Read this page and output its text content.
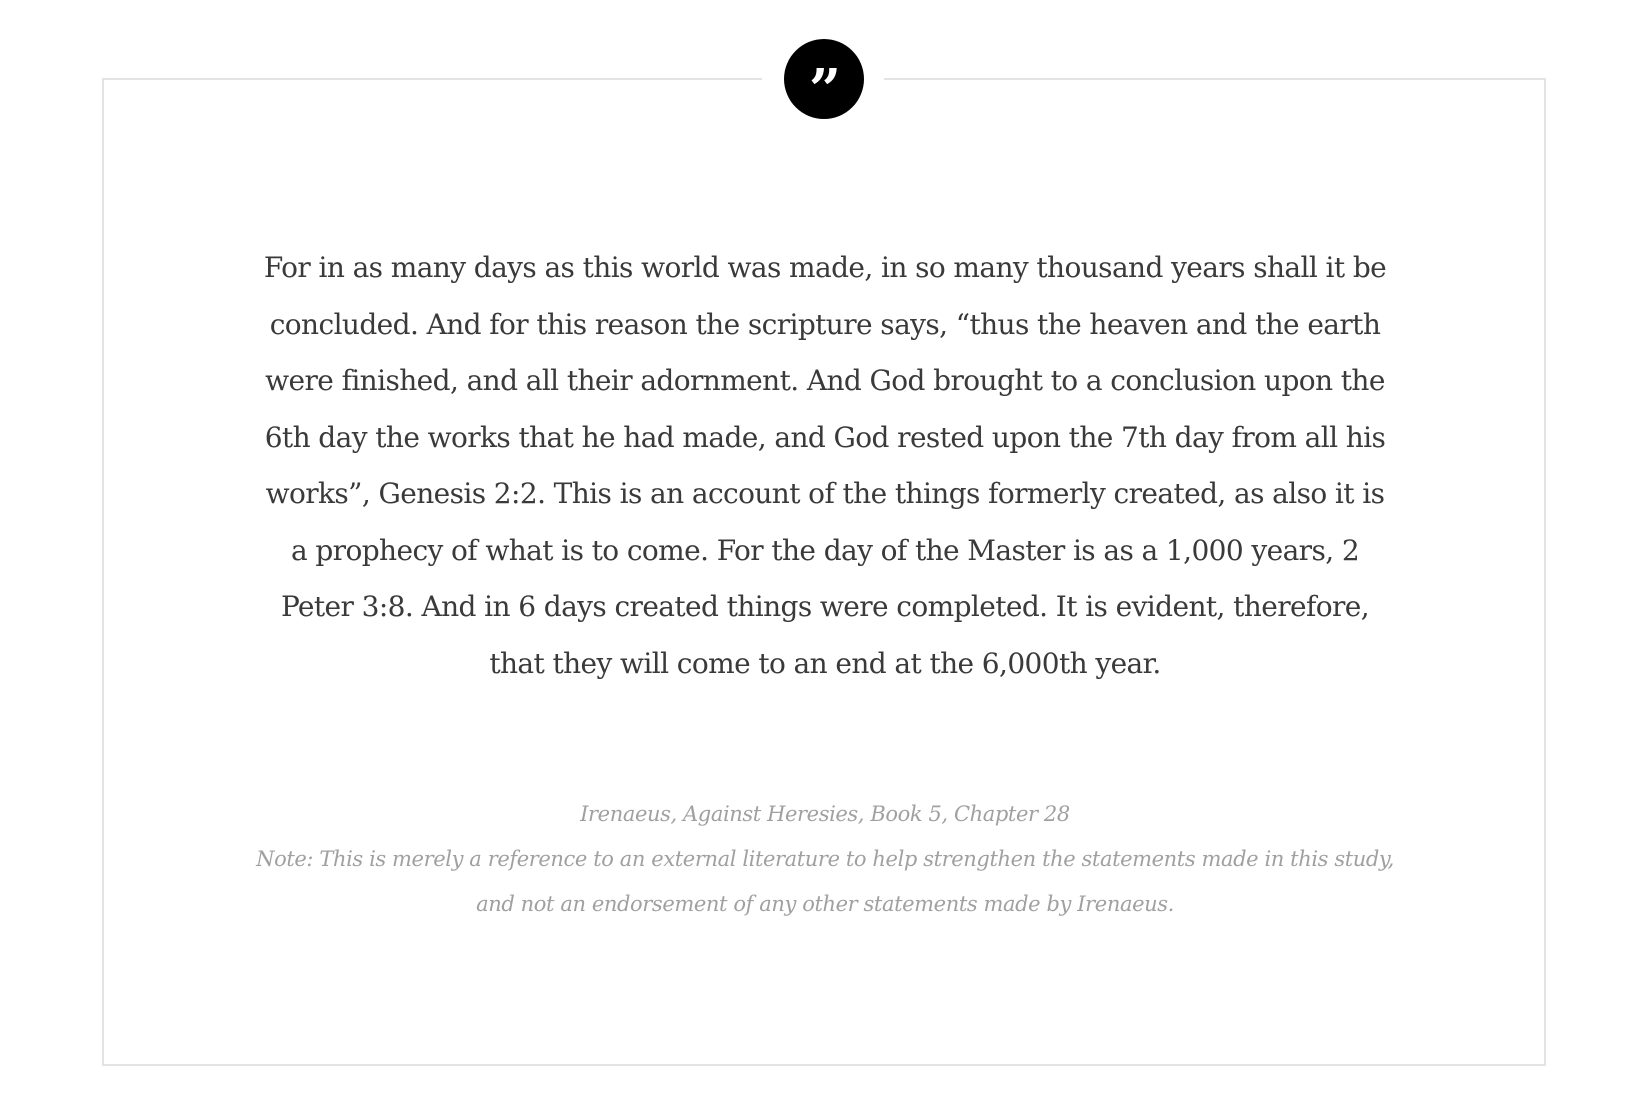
”

For in as many days as this world was made, in so many thousand years shall it be concluded. And for this reason the scripture says, “thus the heaven and the earth were finished, and all their adornment. And God brought to a conclusion upon the 6th day the works that he had made, and God rested upon the 7th day from all his works”, Genesis 2:2. This is an account of the things formerly created, as also it is a prophecy of what is to come. For the day of the Master is as a 1,000 years, 2 Peter 3:8. And in 6 days created things were completed. It is evident, therefore, that they will come to an end at the 6,000th year.

Irenaeus, Against Heresies, Book 5, Chapter 28
Note: This is merely a reference to an external literature to help strengthen the statements made in this study, and not an endorsement of any other statements made by Irenaeus.
